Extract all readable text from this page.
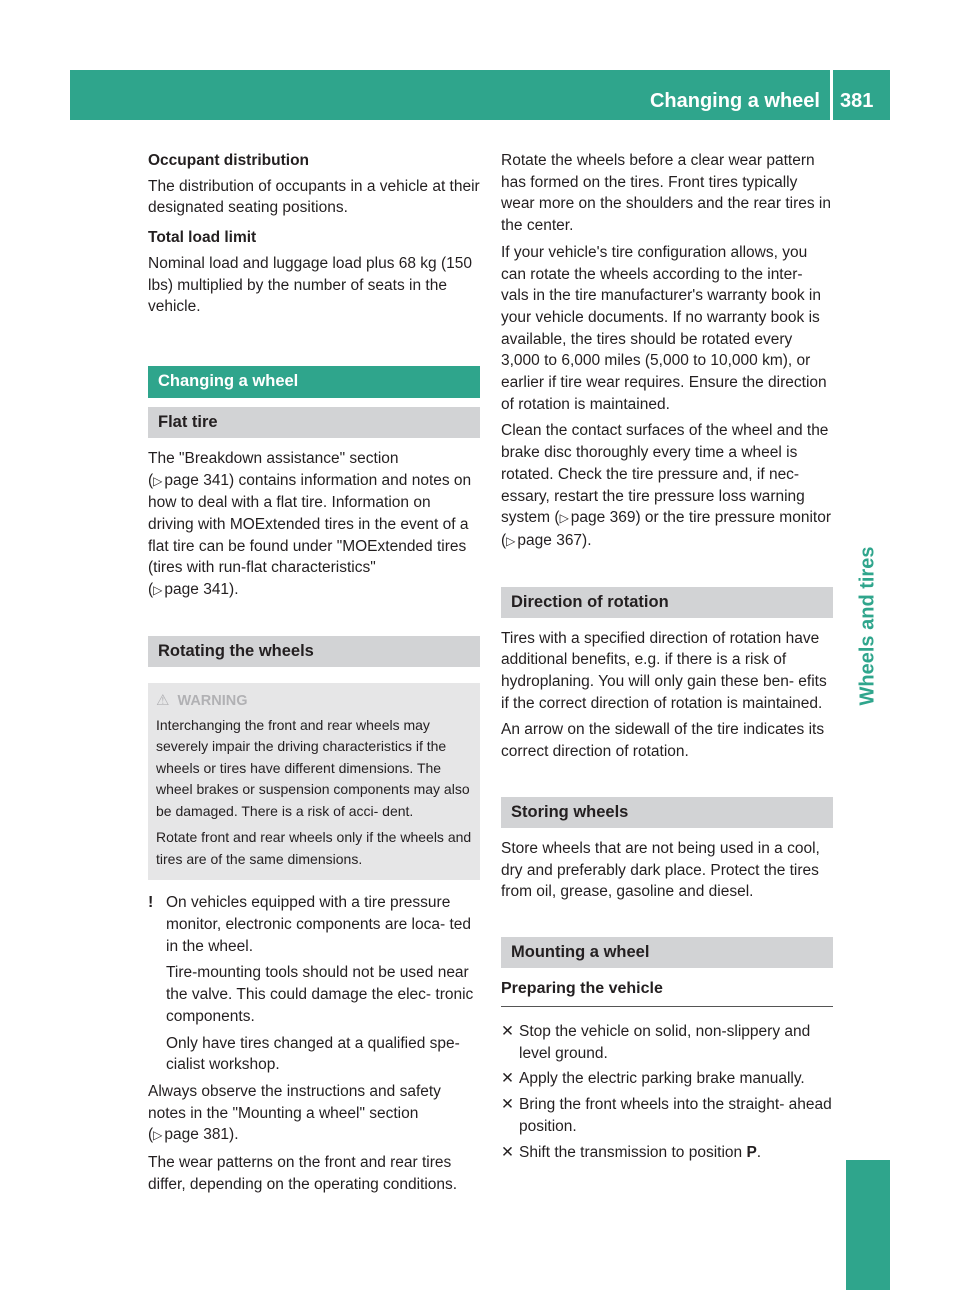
Changing a wheel 381
Wheels and tires

Occupant distribution

The distribution of occupants in a vehicle at their designated seating positions.

Total load limit

Nominal load and luggage load plus 68 kg (150 lbs) multiplied by the number of seats in the vehicle.

Changing a wheel
Flat tire

The "Breakdown assistance" section

(▷ page 341) contains information and notes on how to deal with a flat tire. Information on driving with MOExtended tires in the event of a flat tire can be found under "MOExtended tires (tires with run-flat characteristics"

(▷ page 341).

Rotating the wheels
⚠ WARNING

Interchanging the front and rear wheels may severely impair the driving characteristics if the wheels or tires have different dimensions. The wheel brakes or suspension components may also be damaged. There is a risk of acci- dent.

Rotate front and rear wheels only if the wheels and tires are of the same dimensions.

! On vehicles equipped with a tire pressure monitor, electronic components are loca- ted in the wheel.

Tire-mounting tools should not be used near the valve. This could damage the elec- tronic components.

Only have tires changed at a qualified spe- cialist workshop.

Always observe the instructions and safety notes in the "Mounting a wheel" section

(▷ page 381).

The wear patterns on the front and rear tires differ, depending on the operating conditions.

Rotate the wheels before a clear wear pattern has formed on the tires. Front tires typically wear more on the shoulders and the rear tires in the center.

If your vehicle's tire configuration allows, you can rotate the wheels according to the inter- vals in the tire manufacturer's warranty book in your vehicle documents. If no warranty book is available, the tires should be rotated every 3,000 to 6,000 miles (5,000 to 10,000 km), or earlier if tire wear requires. Ensure the direction of rotation is maintained.

Clean the contact surfaces of the wheel and the brake disc thoroughly every time a wheel is rotated. Check the tire pressure and, if nec- essary, restart the tire pressure loss warning system (▷ page 369) or the tire pressure monitor (▷ page 367).

Direction of rotation

Tires with a specified direction of rotation have additional benefits, e.g. if there is a risk of hydroplaning. You will only gain these ben- efits if the correct direction of rotation is maintained.

An arrow on the sidewall of the tire indicates its correct direction of rotation.

Storing wheels

Store wheels that are not being used in a cool, dry and preferably dark place. Protect the tires from oil, grease, gasoline and diesel.

Mounting a wheel
Preparing the vehicle

✕ Stop the vehicle on solid, non-slippery and level ground.

✕ Apply the electric parking brake manually.

✕ Bring the front wheels into the straight- ahead position.

✕ Shift the transmission to position P.
